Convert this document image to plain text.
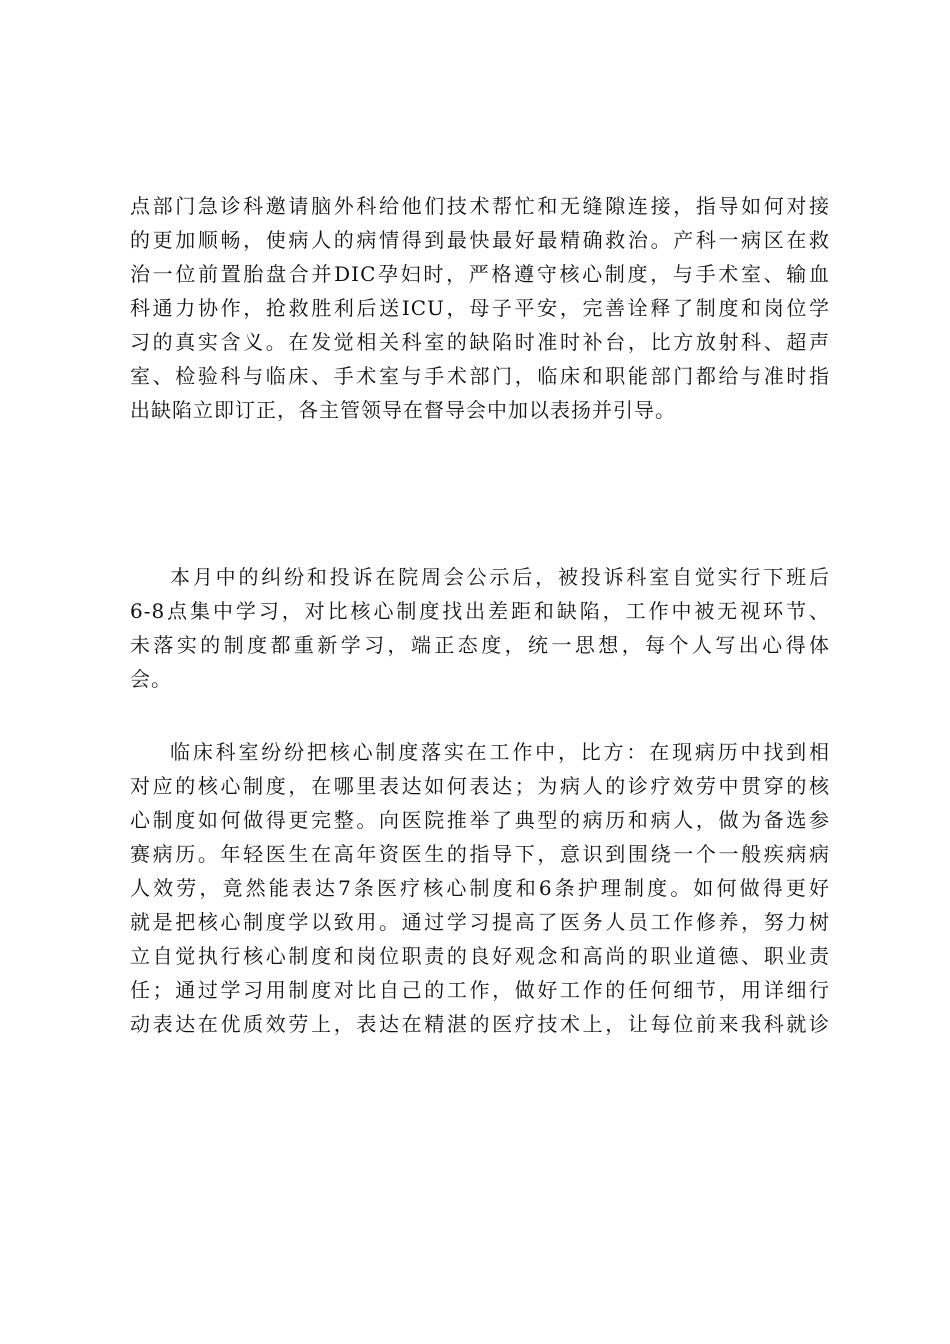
点部门急诊科邀请脑外科给他们技术帮忙和无缝隙连接，指导如何对接
的更加顺畅，使病人的病情得到最快最好最精确救治。产科一病区在救
治一位前置胎盘合并DIC孕妇时，严格遵守核心制度，与手术室、输血
科通力协作，抢救胜利后送ICU，母子平安，完善诠释了制度和岗位学
习的真实含义。在发觉相关科室的缺陷时准时补台，比方放射科、超声
室、检验科与临床、手术室与手术部门，临床和职能部门都给与准时指
出缺陷立即订正，各主管领导在督导会中加以表扬并引导。
本月中的纠纷和投诉在院周会公示后，被投诉科室自觉实行下班后
6-8点集中学习，对比核心制度找出差距和缺陷，工作中被无视环节、
未落实的制度都重新学习，端正态度，统一思想，每个人写出心得体
会。
临床科室纷纷把核心制度落实在工作中，比方：在现病历中找到相
对应的核心制度，在哪里表达如何表达；为病人的诊疗效劳中贯穿的核
心制度如何做得更完整。向医院推举了典型的病历和病人，做为备选参
赛病历。年轻医生在高年资医生的指导下，意识到围绕一个一般疾病病
人效劳，竟然能表达7条医疗核心制度和6条护理制度。如何做得更好
就是把核心制度学以致用。通过学习提高了医务人员工作修养，努力树
立自觉执行核心制度和岗位职责的良好观念和高尚的职业道德、职业责
任；通过学习用制度对比自己的工作，做好工作的任何细节，用详细行
动表达在优质效劳上，表达在精湛的医疗技术上，让每位前来我科就诊
